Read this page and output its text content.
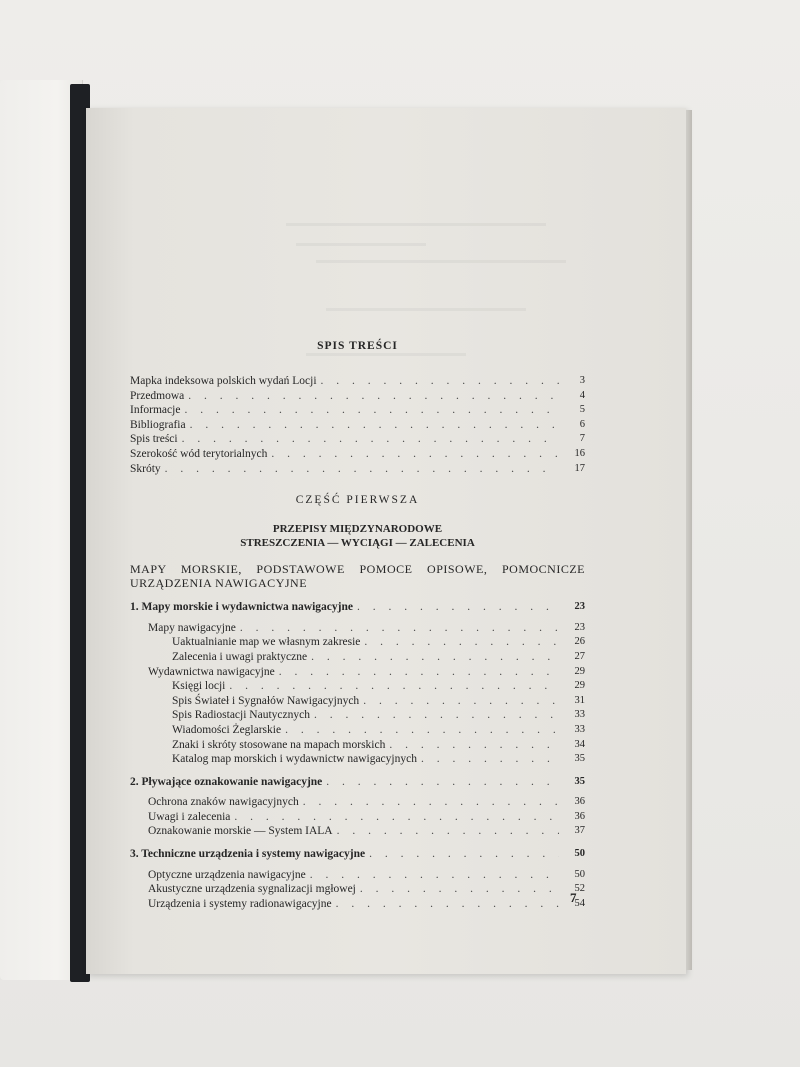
SPIS TREŚCI
Mapka indeksowa polskich wydań Locji . . .	3
Przedmowa . . .	4
Informacje . . .	5
Bibliografia . . .	6
Spis treści . . .	7
Szerokość wód terytorialnych . . .	16
Skróty . . .	17
CZĘŚĆ PIERWSZA
PRZEPISY MIĘDZYNARODOWE
STRESZCZENIA — WYCIĄGI — ZALECENIA
MAPY MORSKIE, PODSTAWOWE POMOCE OPISOWE, POMOCNICZE URZĄDZENIA NAWIGACYJNE
1. Mapy morskie i wydawnictwa nawigacyjne . . .	23
Mapy nawigacyjne . . .	23
Uaktualnianie map we własnym zakresie . . .	26
Zalecenia i uwagi praktyczne . . .	27
Wydawnictwa nawigacyjne . . .	29
Księgi locji . . .	29
Spis Świateł i Sygnałów Nawigacyjnych . . .	31
Spis Radiostacji Nautycznych . . .	33
Wiadomości Żeglarskie . . .	33
Znaki i skróty stosowane na mapach morskich . . .	34
Katalog map morskich i wydawnictw nawigacyjnych . . .	35
2. Pływające oznakowanie nawigacyjne . . .	35
Ochrona znaków nawigacyjnych . . .	36
Uwagi i zalecenia . . .	36
Oznakowanie morskie — System IALA . . .	37
3. Techniczne urządzenia i systemy nawigacyjne . . .	50
Optyczne urządzenia nawigacyjne . . .	50
Akustyczne urządzenia sygnalizacji mgłowej . . .	52
Urządzenia i systemy radionawigacyjne . . .	54
7
